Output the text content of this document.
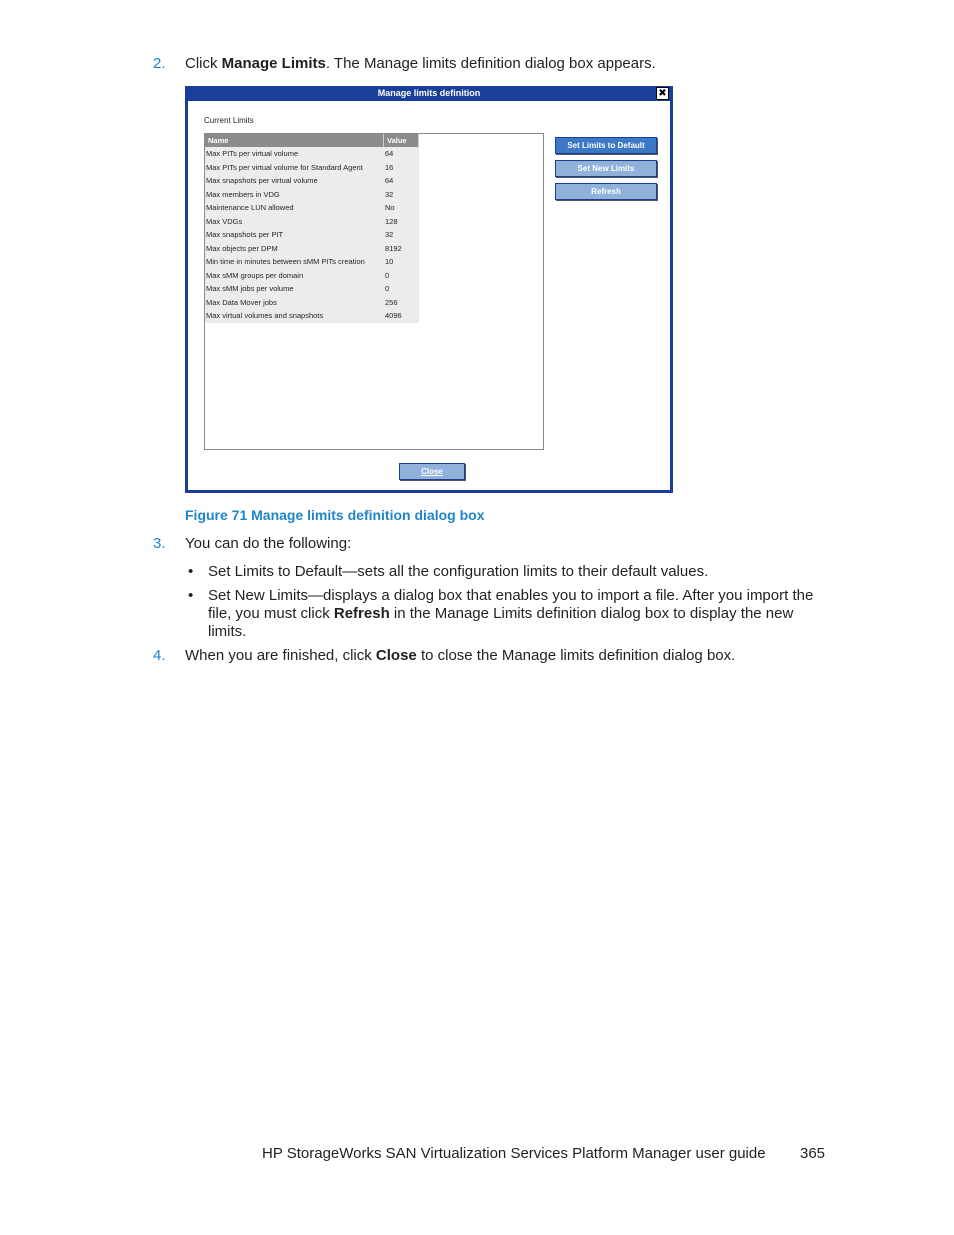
2. Click Manage Limits. The Manage limits definition dialog box appears.
Manage limits definition	✖
Current Limits
Name	Value
Max PITs per virtual volume	64
Max PITs per virtual volume for Standard Agent	16
Max snapshots per virtual volume	64
Max members in VDG	32
Maintenance LUN allowed	No
Max VDGs	128
Max snapshots per PIT	32
Max objects per DPM	8192
Min time in minutes between sMM PITs creation	10
Max sMM groups per domain	0
Max sMM jobs per volume	0
Max Data Mover jobs	256
Max virtual volumes and snapshots	4096
Set Limits to Default
Set New Limits
Refresh
Close
Figure 71 Manage limits definition dialog box
3. You can do the following:
• Set Limits to Default—sets all the configuration limits to their default values.
• Set New Limits—displays a dialog box that enables you to import a file. After you import the
file, you must click Refresh in the Manage Limits definition dialog box to display the new
limits.
4. When you are finished, click Close to close the Manage limits definition dialog box.
HP StorageWorks SAN Virtualization Services Platform Manager user guide 365
